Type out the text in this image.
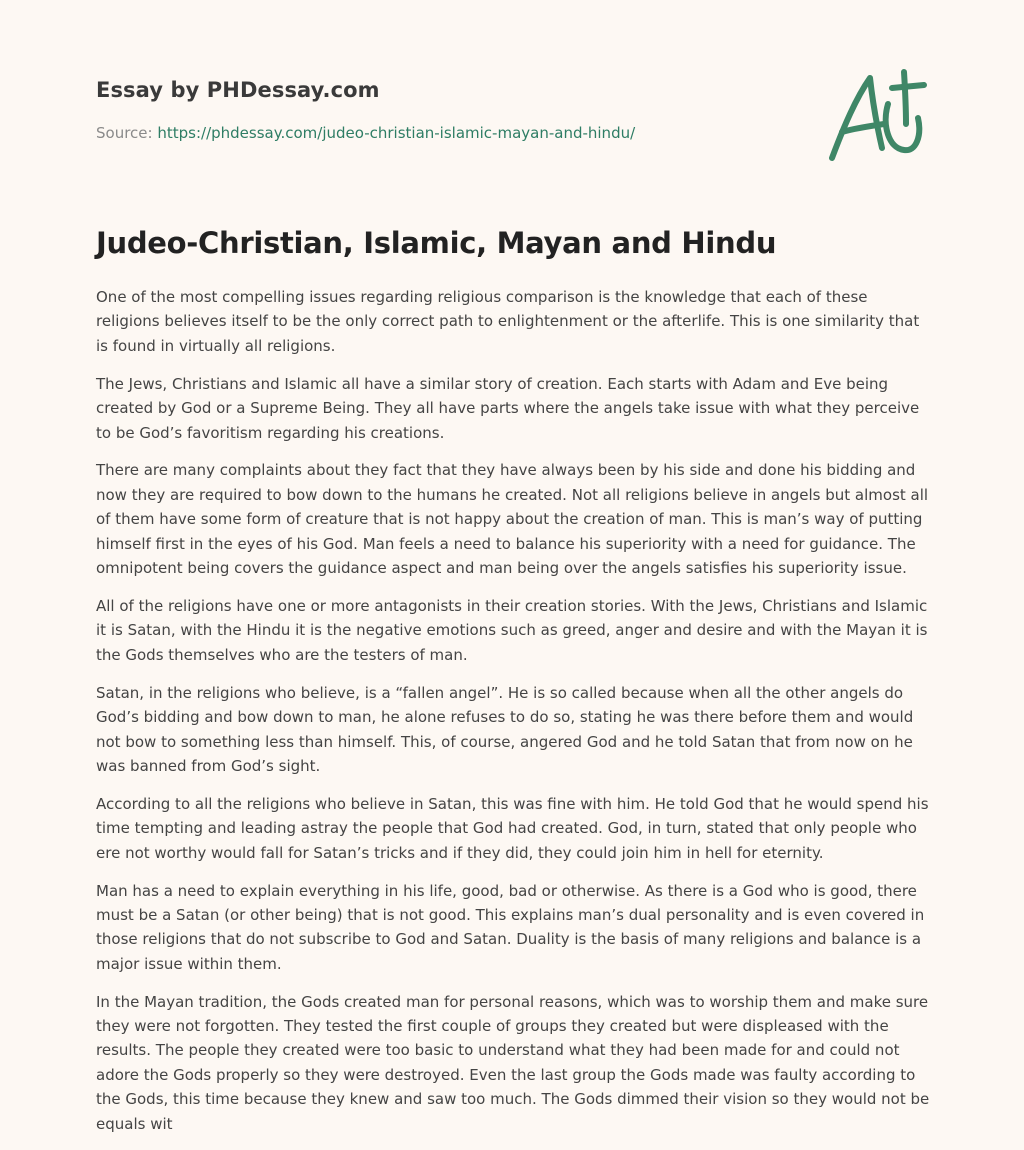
Essay by PHDessay.com
Source: https://phdessay.com/judeo-christian-islamic-mayan-and-hindu/
Judeo-Christian, Islamic, Mayan and Hindu

One of the most compelling issues regarding religious comparison is the knowledge that each of these religions believes itself to be the only correct path to enlightenment or the afterlife. This is one similarity that is found in virtually all religions.

The Jews, Christians and Islamic all have a similar story of creation. Each starts with Adam and Eve being created by God or a Supreme Being. They all have parts where the angels take issue with what they perceive to be God’s favoritism regarding his creations.

There are many complaints about they fact that they have always been by his side and done his bidding and now they are required to bow down to the humans he created. Not all religions believe in angels but almost all of them have some form of creature that is not happy about the creation of man. This is man’s way of putting himself first in the eyes of his God. Man feels a need to balance his superiority with a need for guidance. The omnipotent being covers the guidance aspect and man being over the angels satisfies his superiority issue.

All of the religions have one or more antagonists in their creation stories. With the Jews, Christians and Islamic it is Satan, with the Hindu it is the negative emotions such as greed, anger and desire and with the Mayan it is the Gods themselves who are the testers of man.

Satan, in the religions who believe, is a “fallen angel”. He is so called because when all the other angels do God’s bidding and bow down to man, he alone refuses to do so, stating he was there before them and would not bow to something less than himself. This, of course, angered God and he told Satan that from now on he was banned from God’s sight.

According to all the religions who believe in Satan, this was fine with him. He told God that he would spend his time tempting and leading astray the people that God had created. God, in turn, stated that only people who ere not worthy would fall for Satan’s tricks and if they did, they could join him in hell for eternity.

Man has a need to explain everything in his life, good, bad or otherwise. As there is a God who is good, there must be a Satan (or other being) that is not good. This explains man’s dual personality and is even covered in those religions that do not subscribe to God and Satan. Duality is the basis of many religions and balance is a major issue within them.

In the Mayan tradition, the Gods created man for personal reasons, which was to worship them and make sure they were not forgotten. They tested the first couple of groups they created but were displeased with the results. The people they created were too basic to understand what they had been made for and could not adore the Gods properly so they were destroyed. Even the last group the Gods made was faulty according to the Gods, this time because they knew and saw too much. The Gods dimmed their vision so they would not be equals wit
